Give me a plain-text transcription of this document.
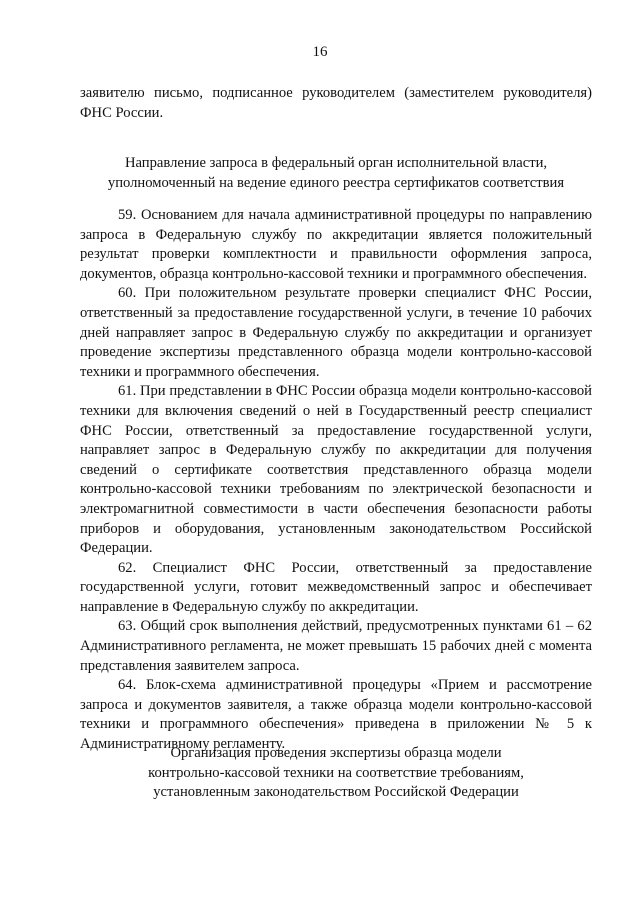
16
заявителю письмо, подписанное руководителем (заместителем руководителя) ФНС России.
Направление запроса в федеральный орган исполнительной власти,
уполномоченный на ведение единого реестра сертификатов соответствия

59. Основанием для начала административной процедуры по направлению запроса в Федеральную службу по аккредитации является положительный результат проверки комплектности и правильности оформления запроса, документов, образца контрольно-кассовой техники и программного обеспечения.

60. При положительном результате проверки специалист ФНС России, ответственный за предоставление государственной услуги, в течение 10 рабочих дней направляет запрос в Федеральную службу по аккредитации и организует проведение экспертизы представленного образца модели контрольно-кассовой техники и программного обеспечения.

61. При представлении в ФНС России образца модели контрольно-кассовой техники для включения сведений о ней в Государственный реестр специалист ФНС России, ответственный за предоставление государственной услуги, направляет запрос в Федеральную службу по аккредитации для получения сведений о сертификате соответствия представленного образца модели контрольно-кассовой техники требованиям по электрической безопасности и электромагнитной совместимости в части обеспечения безопасности работы приборов и оборудования, установленным законодательством Российской Федерации.

62. Специалист ФНС России, ответственный за предоставление государственной услуги, готовит межведомственный запрос и обеспечивает направление в Федеральную службу по аккредитации.

63. Общий срок выполнения действий, предусмотренных пунктами 61 – 62 Административного регламента, не может превышать 15 рабочих дней с момента представления заявителем запроса.

64. Блок-схема административной процедуры «Прием и рассмотрение запроса и документов заявителя, а также образца модели контрольно-кассовой техники и программного обеспечения» приведена в приложении № 5 к Административному регламенту.

Организация проведения экспертизы образца модели
контрольно-кассовой техники на соответствие требованиям,
установленным законодательством Российской Федерации
